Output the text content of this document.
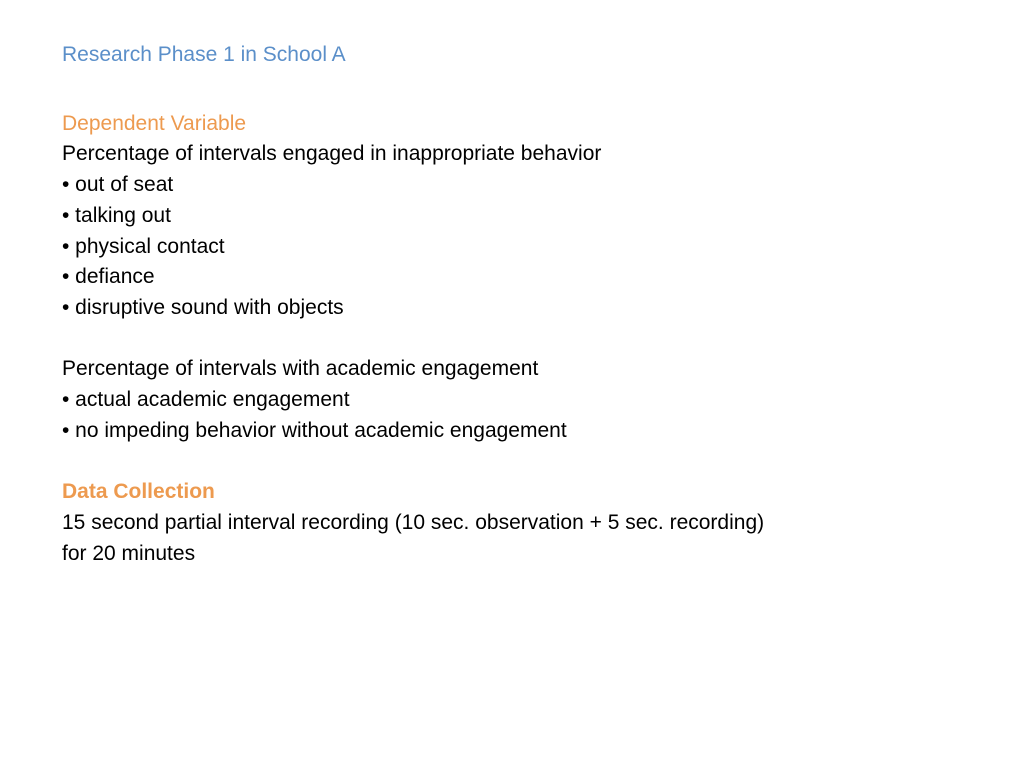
Research Phase 1 in School A
Dependent Variable
Percentage of intervals engaged in inappropriate behavior
• out of seat
• talking out
• physical contact
• defiance
• disruptive sound with objects
Percentage of intervals with academic engagement
• actual academic engagement
• no impeding behavior without academic engagement
Data Collection
15 second partial interval recording (10 sec. observation + 5 sec. recording)
for 20 minutes
